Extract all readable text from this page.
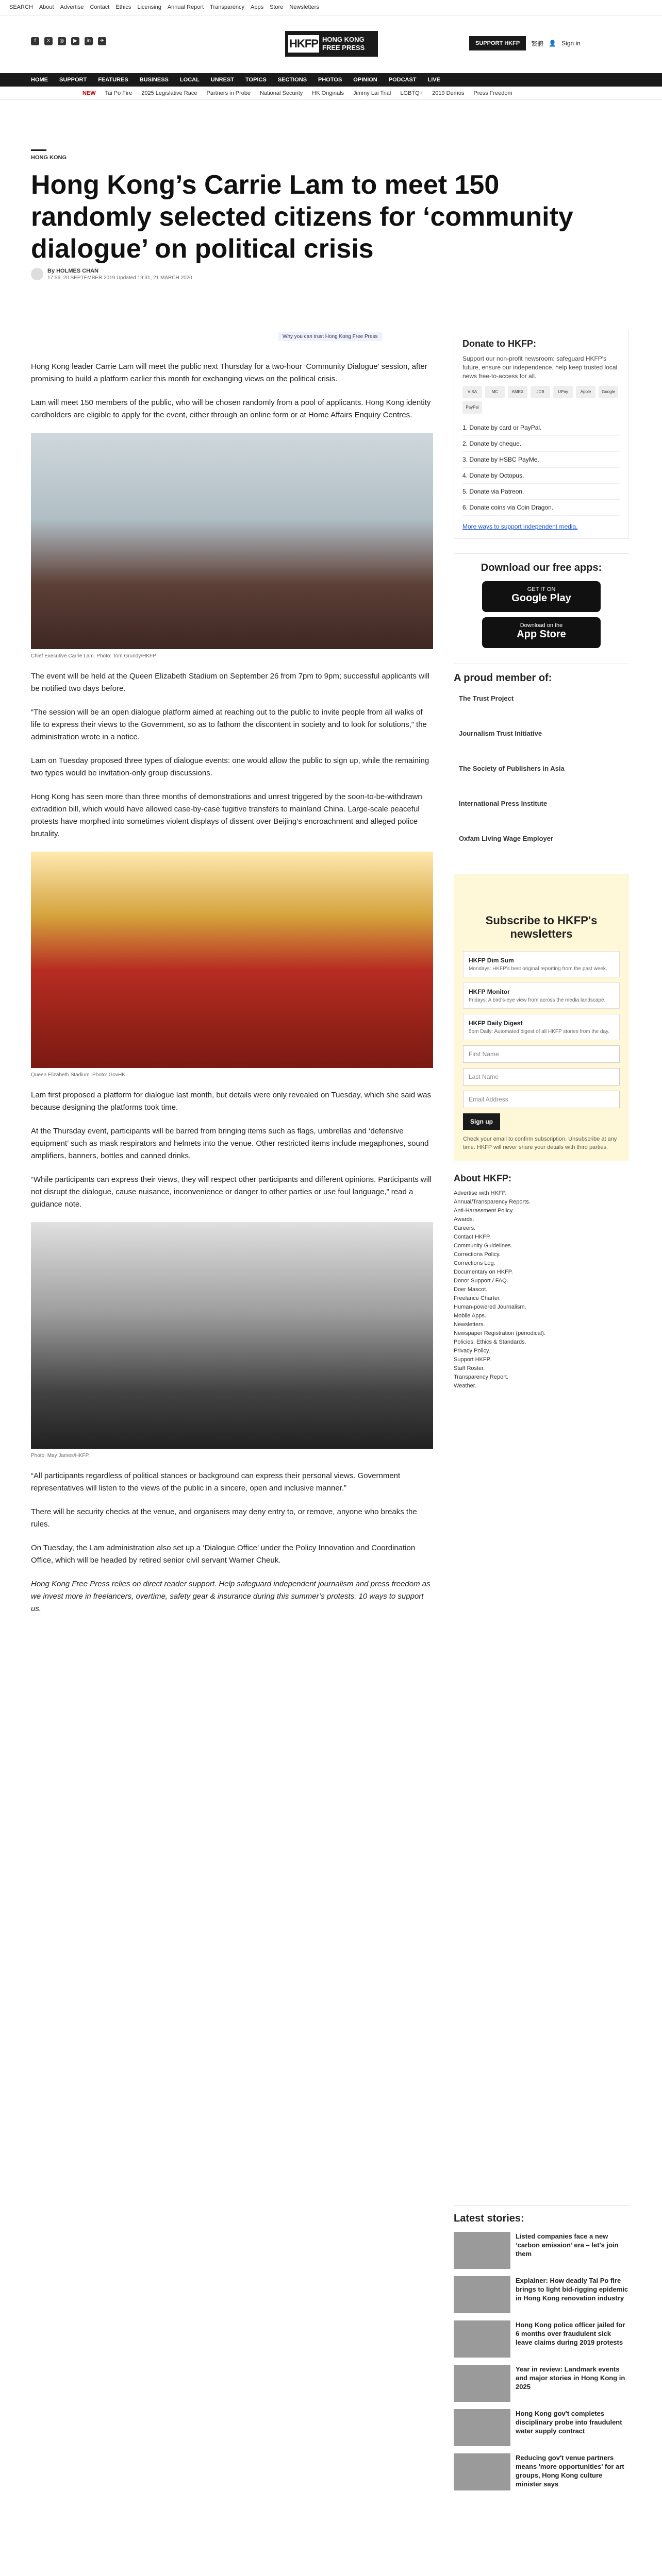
SEARCH About Advertise Contact Ethics Licensing Annual Report Transparency Apps Store Newsletters
f	X	◎	▶	in	✈	HKFP HONG KONG
FREE PRESS
SUPPORT HKFP	繁體 👤 Sign in
HOME SUPPORT FEATURES BUSINESS LOCAL UNREST TOPICS SECTIONS PHOTOS OPINION PODCAST LIVE
NEW Tai Po Fire 2025 Legislative Race Partners in Probe National Security HK Originals Jimmy Lai Trial LGBTQ+ 2019 Demos Press Freedom
HONG KONG
Hong Kong’s Carrie Lam to meet 150 randomly selected citizens for ‘community dialogue’ on political crisis
By HOLMES CHAN
17:56, 20 SEPTEMBER 2019 Updated 19:31, 21 MARCH 2020
Why you can trust Hong Kong Free Press

Hong Kong leader Carrie Lam will meet the public next Thursday for a two-hour ‘Community Dialogue’ session, after promising to build a platform earlier this month for exchanging views on the political crisis.

Lam will meet 150 members of the public, who will be chosen randomly from a pool of applicants. Hong Kong identity cardholders are eligible to apply for the event, either through an online form or at Home Affairs Enquiry Centres.

Chief Executive Carrie Lam. Photo: Tom Grundy/HKFP.

The event will be held at the Queen Elizabeth Stadium on September 26 from 7pm to 9pm; successful applicants will be notified two days before.

“The session will be an open dialogue platform aimed at reaching out to the public to invite people from all walks of life to express their views to the Government, so as to fathom the discontent in society and to look for solutions,” the administration wrote in a notice.

Lam on Tuesday proposed three types of dialogue events: one would allow the public to sign up, while the remaining two types would be invitation-only group discussions.

Hong Kong has seen more than three months of demonstrations and unrest triggered by the soon-to-be-withdrawn extradition bill, which would have allowed case-by-case fugitive transfers to mainland China. Large-scale peaceful protests have morphed into sometimes violent displays of dissent over Beijing’s encroachment and alleged police brutality.

Queen Elizabeth Stadium. Photo: GovHK.

Lam first proposed a platform for dialogue last month, but details were only revealed on Tuesday, which she said was because designing the platforms took time.

At the Thursday event, participants will be barred from bringing items such as flags, umbrellas and ‘defensive equipment’ such as mask respirators and helmets into the venue. Other restricted items include megaphones, sound amplifiers, banners, bottles and canned drinks.

“While participants can express their views, they will respect other participants and different opinions. Participants will not disrupt the dialogue, cause nuisance, inconvenience or danger to other parties or use foul language,” read a guidance note.

Photo: May James/HKFP.

“All participants regardless of political stances or background can express their personal views. Government representatives will listen to the views of the public in a sincere, open and inclusive manner.”

There will be security checks at the venue, and organisers may deny entry to, or remove, anyone who breaks the rules.

On Tuesday, the Lam administration also set up a ‘Dialogue Office’ under the Policy Innovation and Coordination Office, which will be headed by retired senior civil servant Warner Cheuk.

Hong Kong Free Press relies on direct reader support. Help safeguard independent journalism and press freedom as we invest more in freelancers, overtime, safety gear & insurance during this summer’s protests. 10 ways to support us.

Donate to HKFP:

Support our non-profit newsroom: safeguard HKFP's future, ensure our independence, help keep trusted local news free-to-access for all.

VISA	MC	AMEX	JCB	UPay	Apple	Google
PayPal
1. Donate by card or PayPal.
2. Donate by cheque.
3. Donate by HSBC PayMe.
4. Donate by Octopus.
5. Donate via Patreon.
6. Donate coins via Coin Dragon.
More ways to support independent media.
Download our free apps:
GET IT ON
Google Play
Download on the
App Store
A proud member of:
The Trust Project
Journalism Trust Initiative
The Society of Publishers in Asia
International Press Institute
Oxfam Living Wage Employer
Subscribe to HKFP's newsletters
HKFP Dim Sum
Mondays: HKFP's best original reporting from the past week.
HKFP Monitor
Fridays: A bird's-eye view from across the media landscape.
HKFP Daily Digest
5pm Daily: Automated digest of all HKFP stories from the day.
First Name
Last Name
Email Address
Sign up
Check your email to confirm subscription. Unsubscribe at any time. HKFP will never share your details with third parties.
About HKFP:
Advertise with HKFP.
Annual/Transparency Reports.
Anti-Harassment Policy.
Awards.
Careers.
Contact HKFP.
Community Guidelines.
Corrections Policy.
Corrections Log.
Documentary on HKFP.
Donor Support / FAQ.
Doer Mascot.
Freelance Charter.
Human-powered Journalism.
Mobile Apps.
Newsletters.
Newspaper Registration (periodical).
Policies, Ethics & Standards.
Privacy Policy.
Support HKFP.
Staff Roster.
Transparency Report.
Weather.
Latest stories:
Listed companies face a new ‘carbon emission’ era – let's join them
Explainer: How deadly Tai Po fire brings to light bid-rigging epidemic in Hong Kong renovation industry
Hong Kong police officer jailed for 6 months over fraudulent sick leave claims during 2019 protests
Year in review: Landmark events and major stories in Hong Kong in 2025
Hong Kong gov't completes disciplinary probe into fraudulent water supply contract
Reducing gov't venue partners means 'more opportunities' for art groups, Hong Kong culture minister says
